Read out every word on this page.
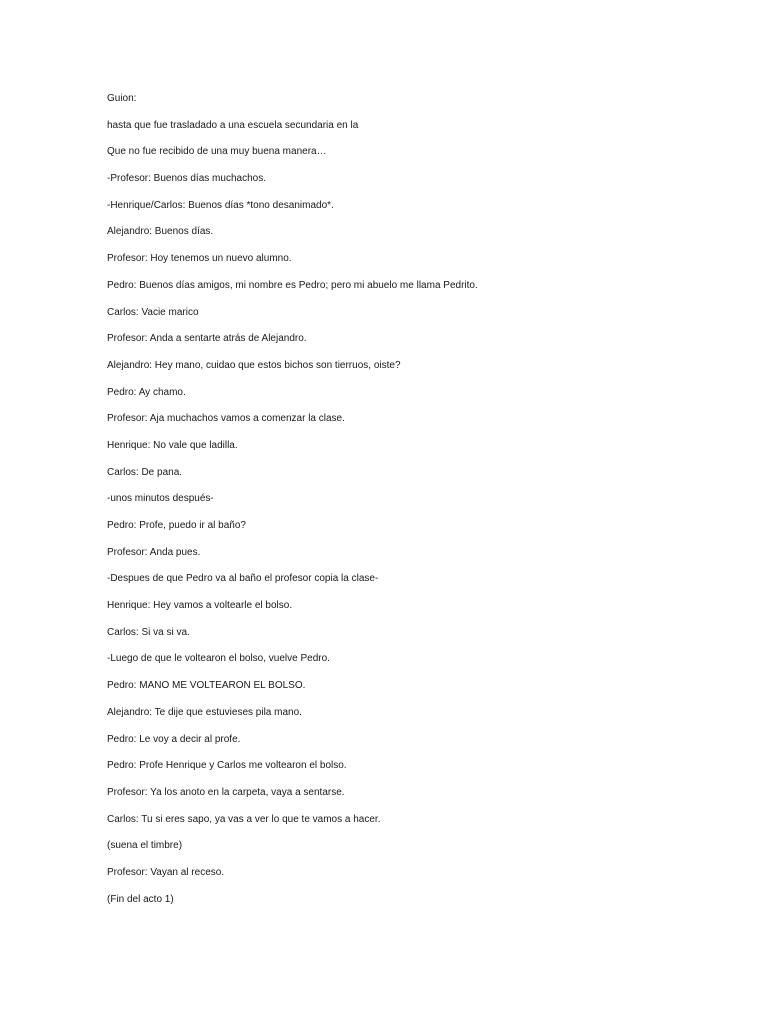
Guion:

hasta que fue trasladado a una escuela secundaria en la

Que no fue recibido de una muy buena manera…

-Profesor: Buenos días muchachos.

-Henrique/Carlos: Buenos días *tono desanimado*.

Alejandro: Buenos días.

Profesor: Hoy tenemos un nuevo alumno.

Pedro: Buenos días amigos, mi nombre es Pedro; pero mi abuelo me llama Pedrito.

Carlos: Vacie marico

Profesor: Anda a sentarte atrás de Alejandro.

Alejandro: Hey mano, cuidao que estos bichos son tierruos, oiste?

Pedro: Ay chamo.

Profesor: Aja muchachos vamos a comenzar la clase.

Henrique: No vale que ladilla.

Carlos: De pana.

-unos minutos después-

Pedro: Profe, puedo ir al baño?

Profesor: Anda pues.

-Despues de que Pedro va al baño el profesor copia la clase-

Henrique: Hey vamos a voltearle el bolso.

Carlos: Si va si va.

-Luego de que le voltearon el bolso, vuelve Pedro.

Pedro: MANO ME VOLTEARON EL BOLSO.

Alejandro: Te dije que estuvieses pila mano.

Pedro: Le voy a decir al profe.

Pedro: Profe Henrique y Carlos me voltearon el bolso.

Profesor: Ya los anoto en la carpeta, vaya a sentarse.

Carlos: Tu si eres sapo, ya vas a ver lo que te vamos a hacer.

(suena el timbre)

Profesor: Vayan al receso.

(Fin del acto 1)
